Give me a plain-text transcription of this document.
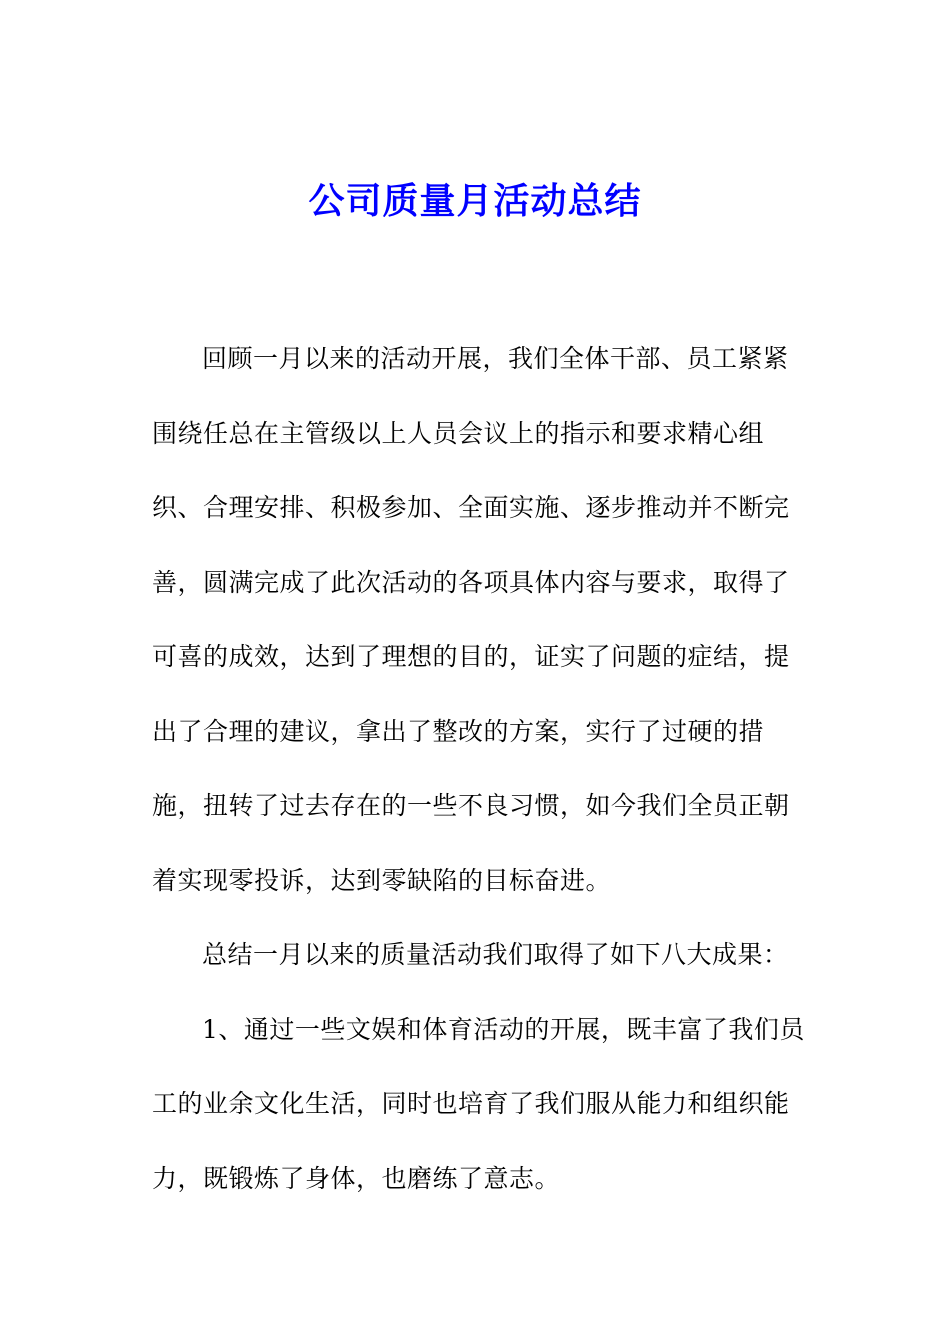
公司质量月活动总结
回顾一月以来的活动开展，我们全体干部、员工紧紧
围绕任总在主管级以上人员会议上的指示和要求精心组
织、合理安排、积极参加、全面实施、逐步推动并不断完
善，圆满完成了此次活动的各项具体内容与要求，取得了
可喜的成效，达到了理想的目的，证实了问题的症结，提
出了合理的建议，拿出了整改的方案，实行了过硬的措
施，扭转了过去存在的一些不良习惯，如今我们全员正朝
着实现零投诉，达到零缺陷的目标奋进。
总结一月以来的质量活动我们取得了如下八大成果：
1、通过一些文娱和体育活动的开展，既丰富了我们员
工的业余文化生活，同时也培育了我们服从能力和组织能
力，既锻炼了身体，也磨练了意志。
